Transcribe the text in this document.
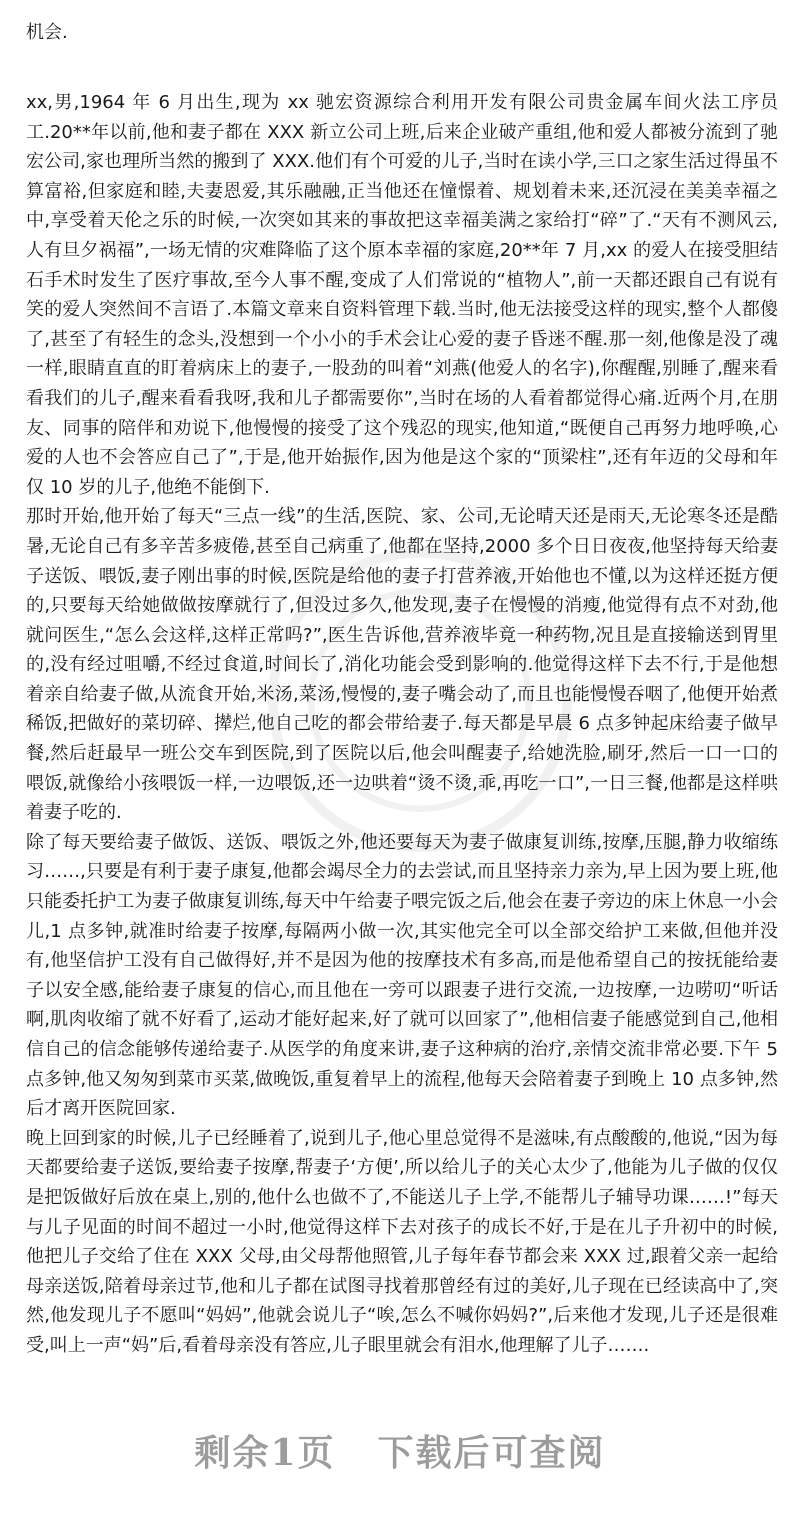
机会.

xx,男,1964 年 6 月出生,现为 xx 驰宏资源综合利用开发有限公司贵金属车间火法工序员工.20**年以前,他和妻子都在 XXX 新立公司上班,后来企业破产重组,他和爱人都被分流到了驰宏公司,家也理所当然的搬到了 XXX.他们有个可爱的儿子,当时在读小学,三口之家生活过得虽不算富裕,但家庭和睦,夫妻恩爱,其乐融融,正当他还在憧憬着、规划着未来,还沉浸在美美幸福之中,享受着天伦之乐的时候,一次突如其来的事故把这幸福美满之家给打“碎”了.“天有不测风云,人有旦夕祸福”,一场无情的灾难降临了这个原本幸福的家庭,20**年 7 月,xx 的爱人在接受胆结石手术时发生了医疗事故,至今人事不醒,变成了人们常说的“植物人”,前一天都还跟自己有说有笑的爱人突然间不言语了.本篇文章来自资料管理下载.当时,他无法接受这样的现实,整个人都傻了,甚至了有轻生的念头,没想到一个小小的手术会让心爱的妻子昏迷不醒.那一刻,他像是没了魂一样,眼睛直直的盯着病床上的妻子,一股劲的叫着“刘燕(他爱人的名字),你醒醒,别睡了,醒来看看我们的儿子,醒来看看我呀,我和儿子都需要你”,当时在场的人看着都觉得心痛.近两个月,在朋友、同事的陪伴和劝说下,他慢慢的接受了这个残忍的现实,他知道,“既便自己再努力地呼唤,心爱的人也不会答应自己了”,于是,他开始振作,因为他是这个家的“顶梁柱”,还有年迈的父母和年仅 10 岁的儿子,他绝不能倒下.

那时开始,他开始了每天“三点一线”的生活,医院、家、公司,无论晴天还是雨天,无论寒冬还是酷暑,无论自己有多辛苦多疲倦,甚至自己病重了,他都在坚持,2000 多个日日夜夜,他坚持每天给妻子送饭、喂饭,妻子刚出事的时候,医院是给他的妻子打营养液,开始他也不懂,以为这样还挺方便的,只要每天给她做做按摩就行了,但没过多久,他发现,妻子在慢慢的消瘦,他觉得有点不对劲,他就问医生,“怎么会这样,这样正常吗?”,医生告诉他,营养液毕竟一种药物,况且是直接输送到胃里的,没有经过咀嚼,不经过食道,时间长了,消化功能会受到影响的.他觉得这样下去不行,于是他想着亲自给妻子做,从流食开始,米汤,菜汤,慢慢的,妻子嘴会动了,而且也能慢慢吞咽了,他便开始煮稀饭,把做好的菜切碎、撵烂,他自己吃的都会带给妻子.每天都是早晨 6 点多钟起床给妻子做早餐,然后赶最早一班公交车到医院,到了医院以后,他会叫醒妻子,给她洗脸,刷牙,然后一口一口的喂饭,就像给小孩喂饭一样,一边喂饭,还一边哄着“烫不烫,乖,再吃一口”,一日三餐,他都是这样哄着妻子吃的.

除了每天要给妻子做饭、送饭、喂饭之外,他还要每天为妻子做康复训练,按摩,压腿,静力收缩练习……,只要是有利于妻子康复,他都会竭尽全力的去尝试,而且坚持亲力亲为,早上因为要上班,他只能委托护工为妻子做康复训练,每天中午给妻子喂完饭之后,他会在妻子旁边的床上休息一小会儿,1 点多钟,就准时给妻子按摩,每隔两小做一次,其实他完全可以全部交给护工来做,但他并没有,他坚信护工没有自己做得好,并不是因为他的按摩技术有多高,而是他希望自己的按抚能给妻子以安全感,能给妻子康复的信心,而且他在一旁可以跟妻子进行交流,一边按摩,一边唠叨“听话啊,肌肉收缩了就不好看了,运动才能好起来,好了就可以回家了”,他相信妻子能感觉到自己,他相信自己的信念能够传递给妻子.从医学的角度来讲,妻子这种病的治疗,亲情交流非常必要.下午 5 点多钟,他又匆匆到菜市买菜,做晚饭,重复着早上的流程,他每天会陪着妻子到晚上 10 点多钟,然后才离开医院回家.

晚上回到家的时候,儿子已经睡着了,说到儿子,他心里总觉得不是滋味,有点酸酸的,他说,“因为每天都要给妻子送饭,要给妻子按摩,帮妻子‘方便’,所以给儿子的关心太少了,他能为儿子做的仅仅是把饭做好后放在桌上,别的,他什么也做不了,不能送儿子上学,不能帮儿子辅导功课……!”每天与儿子见面的时间不超过一小时,他觉得这样下去对孩子的成长不好,于是在儿子升初中的时候,他把儿子交给了住在 XXX 父母,由父母帮他照管,儿子每年春节都会来 XXX 过,跟着父亲一起给母亲送饭,陪着母亲过节,他和儿子都在试图寻找着那曾经有过的美好,儿子现在已经读高中了,突然,他发现儿子不愿叫“妈妈”,他就会说儿子“唉,怎么不喊你妈妈?”,后来他才发现,儿子还是很难受,叫上一声“妈”后,看着母亲没有答应,儿子眼里就会有泪水,他理解了儿子…….

剩余1页 下载后可查阅
